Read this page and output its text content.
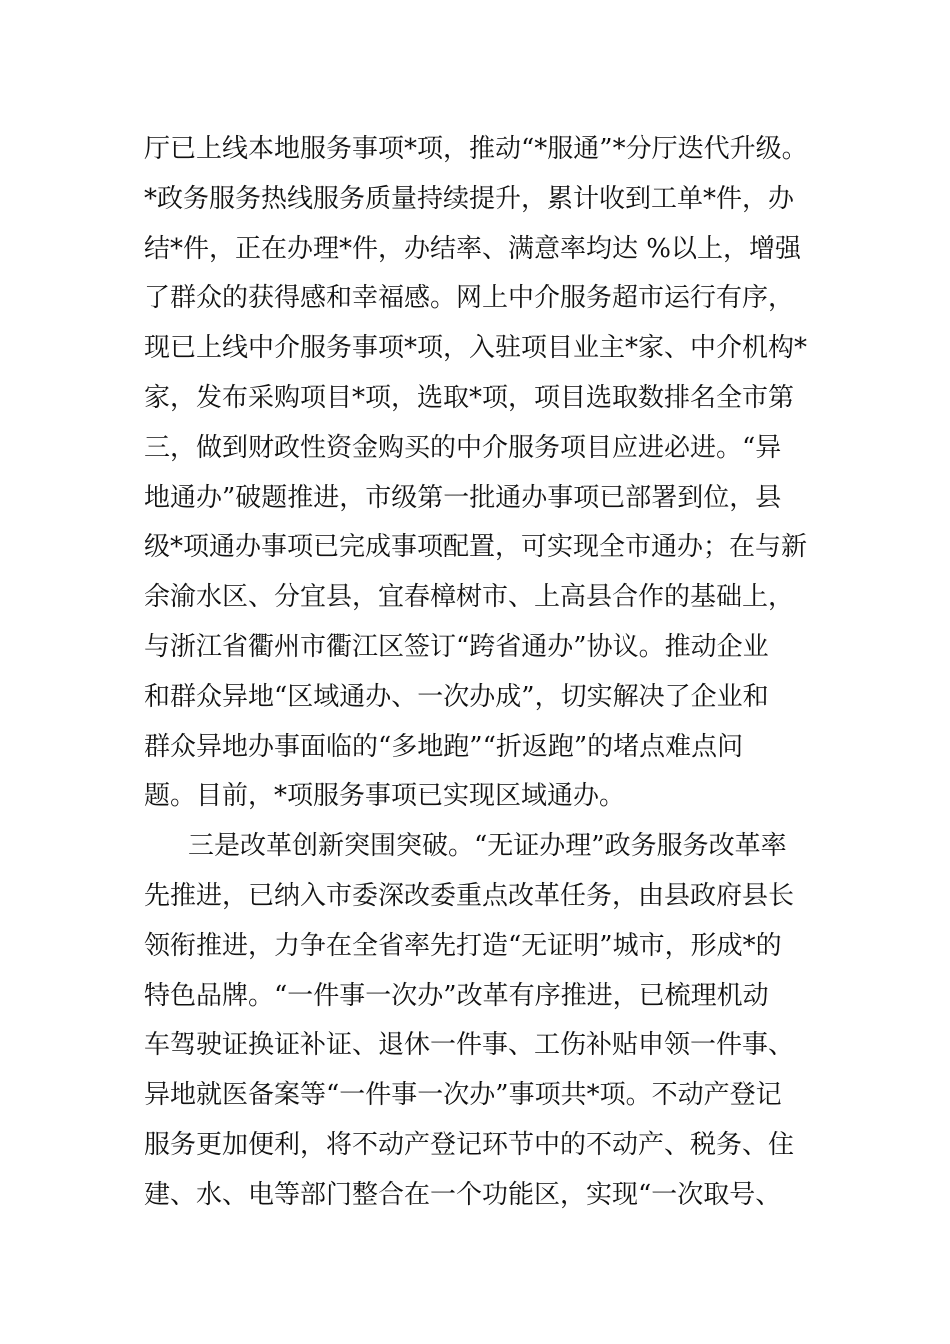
厅已上线本地服务事项*项，推动“*服通”*分厅迭代升级。
*政务服务热线服务质量持续提升，累计收到工单*件，办
结*件，正在办理*件，办结率、满意率均达 %以上，增强
了群众的获得感和幸福感。网上中介服务超市运行有序，
现已上线中介服务事项*项，入驻项目业主*家、中介机构*
家，发布采购项目*项，选取*项，项目选取数排名全市第
三，做到财政性资金购买的中介服务项目应进必进。“异
地通办”破题推进，市级第一批通办事项已部署到位，县
级*项通办事项已完成事项配置，可实现全市通办；在与新
余渝水区、分宜县，宜春樟树市、上高县合作的基础上，
与浙江省衢州市衢江区签订“跨省通办”协议。推动企业
和群众异地“区域通办、一次办成”，切实解决了企业和
群众异地办事面临的“多地跑”“折返跑”的堵点难点问
题。目前，*项服务事项已实现区域通办。
三是改革创新突围突破。“无证办理”政务服务改革率
先推进，已纳入市委深改委重点改革任务，由县政府县长
领衔推进，力争在全省率先打造“无证明”城市，形成*的
特色品牌。“一件事一次办”改革有序推进，已梳理机动
车驾驶证换证补证、退休一件事、工伤补贴申领一件事、
异地就医备案等“一件事一次办”事项共*项。不动产登记
服务更加便利，将不动产登记环节中的不动产、税务、住
建、水、电等部门整合在一个功能区，实现“一次取号、
